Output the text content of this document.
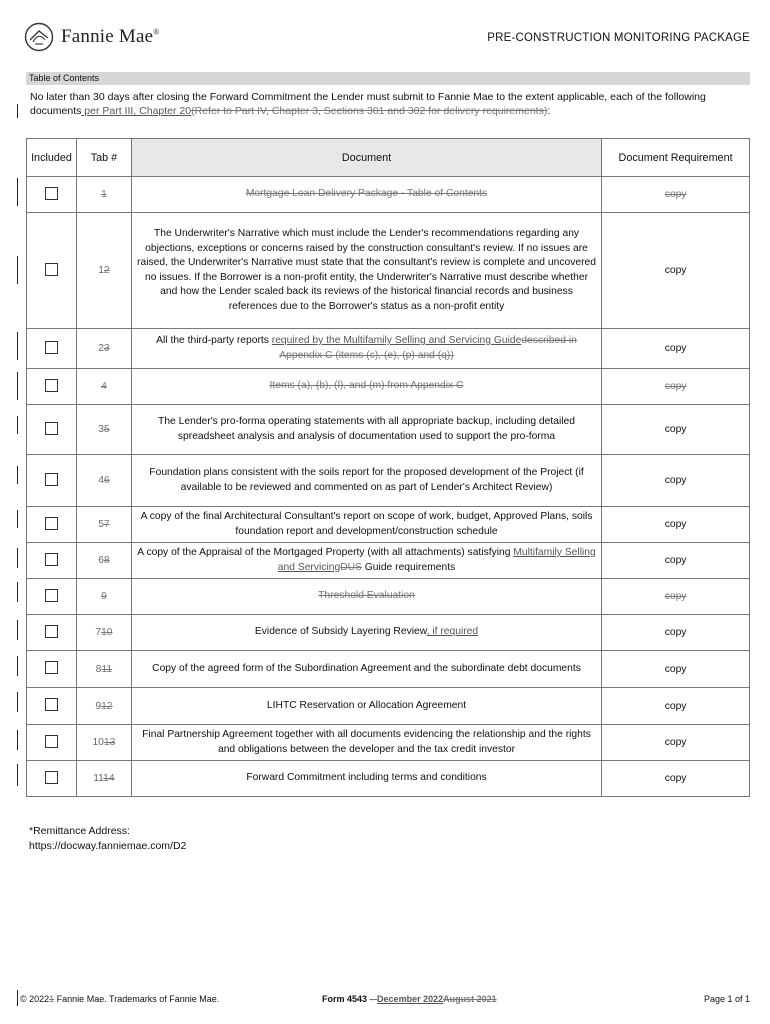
Fannie Mae®	PRE-CONSTRUCTION MONITORING PACKAGE
Table of Contents
No later than 30 days after closing the Forward Commitment the Lender must submit to Fannie Mae to the extent applicable, each of the following documents per Part III, Chapter 20(Refer to Part IV, Chapter 3, Sections 301 and 302 for delivery requirements):
Included	Tab #	Document	Document Requirement
	1	Mortgage Loan Delivery Package - Table of Contents	copy
	12	The Underwriter's Narrative which must include the Lender's recommendations regarding any objections, exceptions or concerns raised by the construction consultant's review. If no issues are raised, the Underwriter's Narrative must state that the consultant's review is complete and uncovered no issues. If the Borrower is a non-profit entity, the Underwriter's Narrative must describe whether and how the Lender scaled back its reviews of the historical financial records and business references due to the Borrower's status as a non-profit entity	copy
	23	All the third-party reports required by the Multifamily Selling and Servicing Guidedescribed in Appendix C (items (c), (e), (p) and (q))	copy
	4	Items (a), (b), (l), and (m) from Appendix C	copy
	35	The Lender's pro-forma operating statements with all appropriate backup, including detailed spreadsheet analysis and analysis of documentation used to support the pro-forma	copy
	46	Foundation plans consistent with the soils report for the proposed development of the Project (if available to be reviewed and commented on as part of Lender's Architect Review)	copy
	57	A copy of the final Architectural Consultant's report on scope of work, budget, Approved Plans, soils foundation report and development/construction schedule	copy
	68	A copy of the Appraisal of the Mortgaged Property (with all attachments) satisfying Multifamily Selling and ServicingDUS Guide requirements	copy
	9	Threshold Evaluation	copy
	710	Evidence of Subsidy Layering Review, if required	copy
	811	Copy of the agreed form of the Subordination Agreement and the subordinate debt documents	copy
	912	LIHTC Reservation or Allocation Agreement	copy
	1013	Final Partnership Agreement together with all documents evidencing the relationship and the rights and obligations between the developer and the tax credit investor	copy
	1114	Forward Commitment including terms and conditions	copy
*Remittance Address:
https://docway.fanniemae.com/D2
© 20221 Fannie Mae. Trademarks of Fannie Mae.	Form 4543 – December 2022August 2021	Page 1 of 1
